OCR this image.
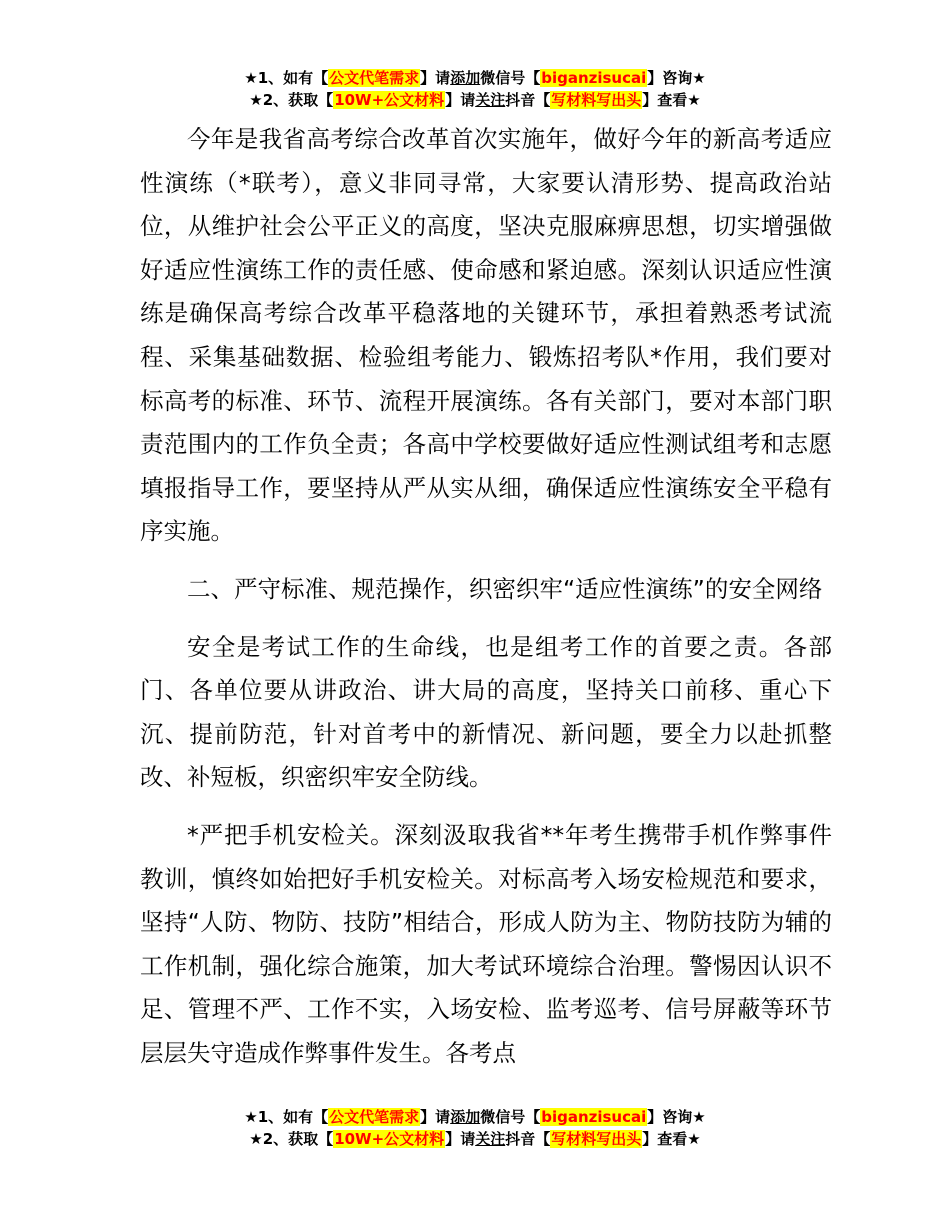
★1、如有【公文代笔需求】请添加微信号【biganzisucai】咨询★
★2、获取【10W+公文材料】请关注抖音【写材料写出头】查看★

今年是我省高考综合改革首次实施年，做好今年的新高考适应性演练（*联考），意义非同寻常，大家要认清形势、提高政治站位，从维护社会公平正义的高度，坚决克服麻痹思想，切实增强做好适应性演练工作的责任感、使命感和紧迫感。深刻认识适应性演练是确保高考综合改革平稳落地的关键环节，承担着熟悉考试流程、采集基础数据、检验组考能力、锻炼招考队*作用，我们要对标高考的标准、环节、流程开展演练。各有关部门，要对本部门职责范围内的工作负全责；各高中学校要做好适应性测试组考和志愿填报指导工作，要坚持从严从实从细，确保适应性演练安全平稳有序实施。

二、严守标准、规范操作，织密织牢“适应性演练”的安全网络

安全是考试工作的生命线，也是组考工作的首要之责。各部门、各单位要从讲政治、讲大局的高度，坚持关口前移、重心下沉、提前防范，针对首考中的新情况、新问题，要全力以赴抓整改、补短板，织密织牢安全防线。

*严把手机安检关。深刻汲取我省**年考生携带手机作弊事件教训，慎终如始把好手机安检关。对标高考入场安检规范和要求，坚持“人防、物防、技防”相结合，形成人防为主、物防技防为辅的工作机制，强化综合施策，加大考试环境综合治理。警惕因认识不足、管理不严、工作不实，入场安检、监考巡考、信号屏蔽等环节层层失守造成作弊事件发生。各考点

★1、如有【公文代笔需求】请添加微信号【biganzisucai】咨询★
★2、获取【10W+公文材料】请关注抖音【写材料写出头】查看★
